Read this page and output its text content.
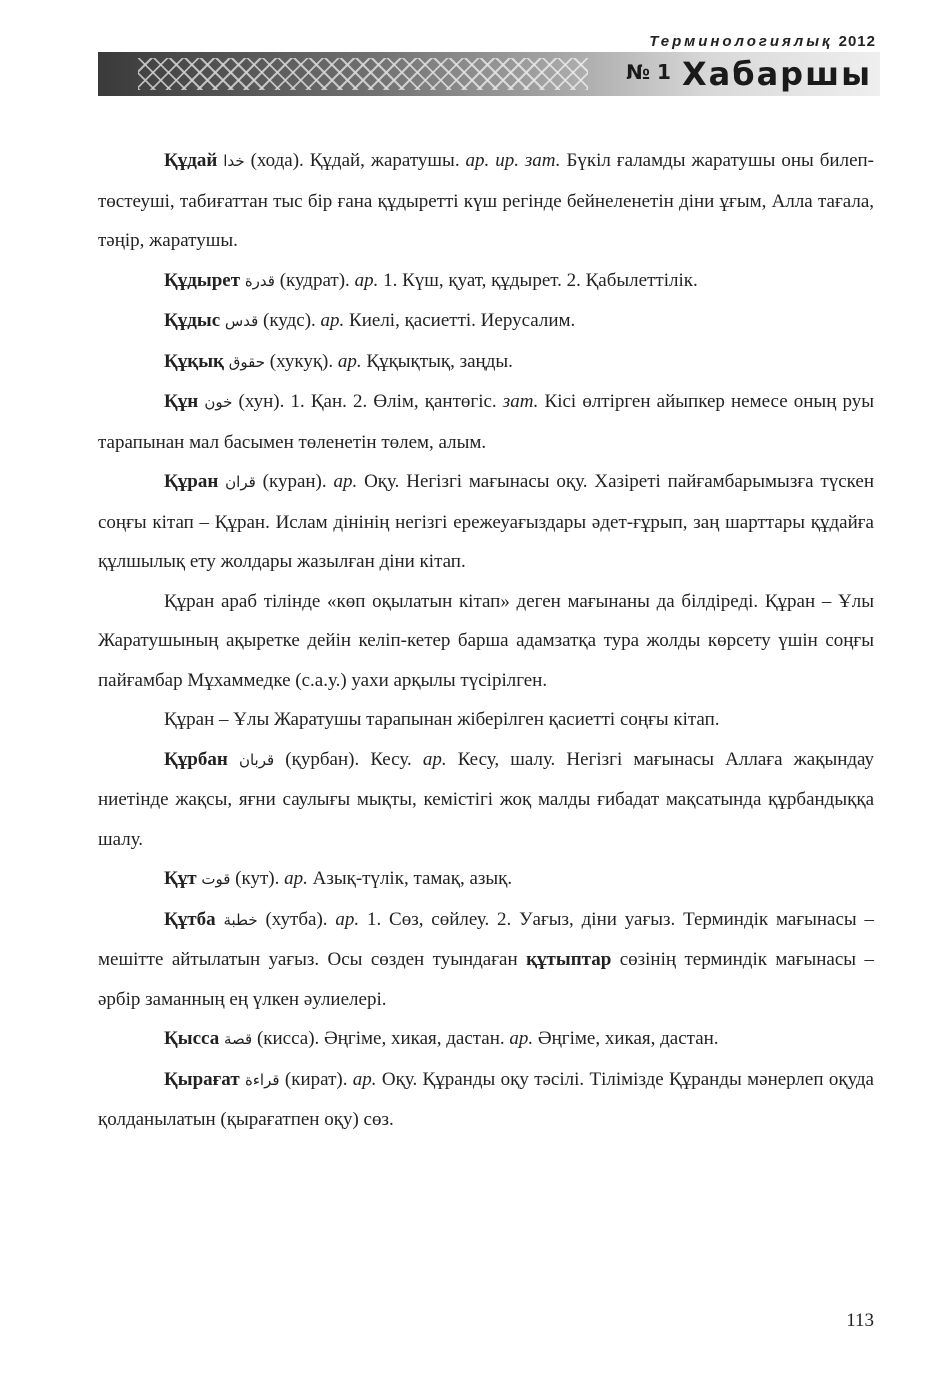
Терминологиялық 2012
№ 1 Хабаршы

Құдай خدا (хода). Құдай, жаратушы. ар. ир. зат. Бүкіл ғаламды жаратушы оны билеп-төстеуші, табиғаттан тыс бір ғана құдыретті күш регінде бейнеленетін діни ұғым, Алла тағала, тәңір, жаратушы.

Құдырет قدرة (кудрат). ар. 1. Күш, қуат, құдырет. 2. Қабылеттілік.

Құдыс قدس (кудс). ар. Киелі, қасиетті. Иерусалим.

Құқық حقوق (хукуқ). ар. Құқықтық, заңды.

Құн خون (хун). 1. Қан. 2. Өлім, қантөгіс. зат. Кісі өлтірген айыпкер немесе оның руы тарапынан мал басымен төленетін төлем, алым.

Құран قران (куран). ар. Оқу. Негізгі мағынасы оқу. Хазіреті пайғамбарымызға түскен соңғы кітап – Құран. Ислам дінінің негізгі ережеуағыздары әдет-ғұрып, заң шарттары құдайға құлшылық ету жолдары жазылған діни кітап.

Құран араб тілінде «көп оқылатын кітап» деген мағынаны да білдіреді. Құран – Ұлы Жаратушының ақыретке дейін келіп-кетер барша адамзатқа тура жолды көрсету үшін соңғы пайғамбар Мұхаммедке (с.а.у.) уахи арқылы түсірілген.

Құран – Ұлы Жаратушы тарапынан жіберілген қасиетті соңғы кітап.

Құрбан قربان (қурбан). Кесу. ар. Кесу, шалу. Негізгі мағынасы Аллаға жақындау ниетінде жақсы, яғни саулығы мықты, кемістігі жоқ малды ғибадат мақсатында құрбандыққа шалу.

Құт قوت (кут). ар. Азық-түлік, тамақ, азық.

Құтба خطبة (хутба). ар. 1. Сөз, сөйлеу. 2. Уағыз, діни уағыз. Терминдік мағынасы – мешітте айтылатын уағыз. Осы сөзден туындаған құтыптар сөзінің терминдік мағынасы – әрбір заманның ең үлкен әулиелері.

Қысса قصة (кисса). Әңгіме, хикая, дастан. ар. Әңгіме, хикая, дастан.

Қырағат قراءة (кират). ар. Оқу. Құранды оқу тәсілі. Тілімізде Құранды мәнерлеп оқуда қолданылатын (қырағатпен оқу) сөз.

113
